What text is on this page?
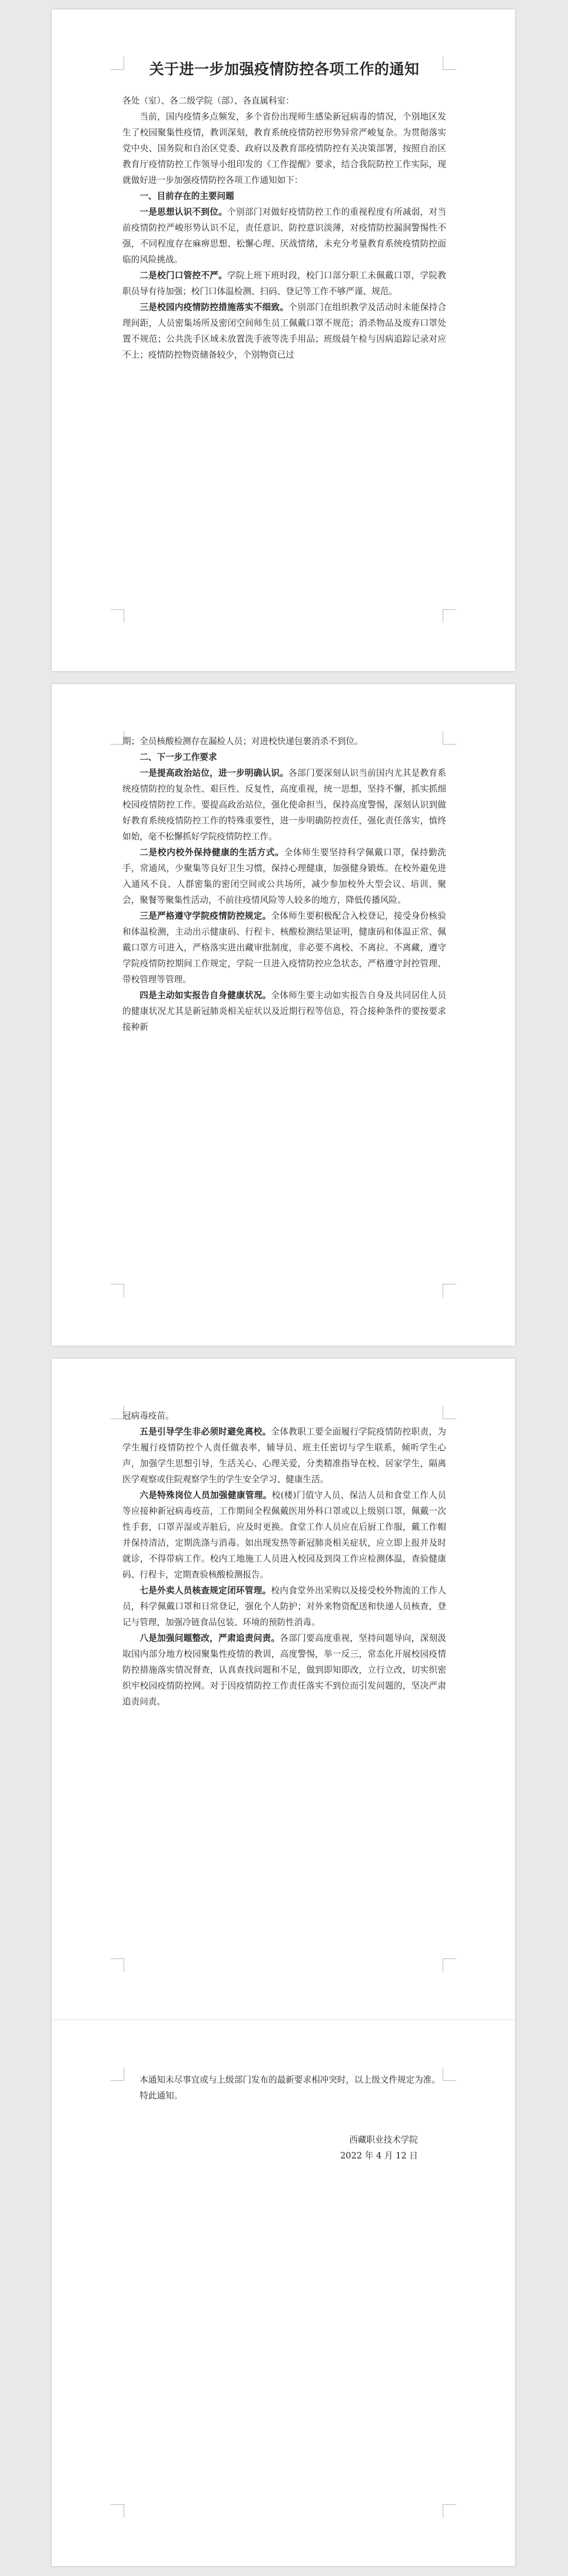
关于进一步加强疫情防控各项工作的通知

各处（室）、各二级学院（部）、各直属科室：

当前，国内疫情多点频发，多个省份出现师生感染新冠病毒的情况，个别地区发生了校园聚集性疫情，教训深刻，教育系统疫情防控形势异常严峻复杂。为贯彻落实党中央、国务院和自治区党委、政府以及教育部疫情防控有关决策部署，按照自治区教育厅疫情防控工作领导小组印发的《工作提醒》要求，结合我院防控工作实际，现就做好进一步加强疫情防控各项工作通知如下：

一、目前存在的主要问题

一是思想认识不到位。个别部门对做好疫情防控工作的重视程度有所减弱，对当前疫情防控严峻形势认识不足，责任意识、防控意识淡薄，对疫情防控漏洞警惕性不强，不同程度存在麻痹思想、松懈心理、厌战情绪，未充分考量教育系统疫情防控面临的风险挑战。

二是校门口管控不严。学院上班下班时段，校门口部分职工未佩戴口罩，学院教职员导有待加强；校门口体温检测、扫码、登记等工作不够严谨、规范。

三是校园内疫情防控措施落实不细致。个别部门在组织教学及活动时未能保持合理间距，人员密集场所及密闭空间师生员工佩戴口罩不规范；消杀物品及废弃口罩处置不规范；公共洗手区域未放置洗手液等洗手用品；班级晨午检与因病追踪记录对应不上；疫情防控物资储备较少，个别物资已过

期；全员核酸检测存在漏检人员；对进校快递包裹消杀不到位。

二、下一步工作要求

一是提高政治站位，进一步明确认识。各部门要深刻认识当前国内尤其是教育系统疫情防控的复杂性、艰巨性、反复性，高度重视，统一思想，坚持不懈，抓实抓细校园疫情防控工作。要提高政治站位，强化使命担当，保持高度警惕，深刻认识到做好教育系统疫情防控工作的特殊重要性，进一步明确防控责任，强化责任落实，慎终如始，毫不松懈抓好学院疫情防控工作。

二是校内校外保持健康的生活方式。全体师生要坚持科学佩戴口罩，保持勤洗手，常通风，少聚集等良好卫生习惯，保持心理健康，加强健身锻炼。在校外避免进入通风不良、人群密集的密闭空间或公共场所，减少参加校外大型会议、培训、聚会，聚餐等聚集性活动，不前往疫情风险等人较多的地方，降低传播风险。

三是严格遵守学院疫情防控规定。全体师生要积极配合入校登记，接受身份核验和体温检测，主动出示健康码、行程卡、核酸检测结果证明，健康码和体温正常、佩戴口罩方可进入，严格落实进出藏审批制度，非必要不离校、不离拉、不离藏，遵守学院疫情防控期间工作规定，学院一旦进入疫情防控应急状态，严格遵守封控管理、带校管理等管理。

四是主动如实报告自身健康状况。全体师生要主动如实报告自身及共同居住人员的健康状况尤其是新冠肺炎相关症状以及近期行程等信息，符合接种条件的要按要求接种新

冠病毒疫苗。

五是引导学生非必须时避免离校。全体教职工要全面履行学院疫情防控职责，为学生履行疫情防控个人责任做表率，辅导员、班主任密切与学生联系，倾听学生心声，加强学生思想引导，生活关心、心理关爱，分类精准指导在校、居家学生，隔离医学观察或住院观察学生的学生安全学习、健康生活。

六是特殊岗位人员加强健康管理。校(楼)门值守人员、保洁人员和食堂工作人员等应接种新冠病毒疫苗，工作期间全程佩戴医用外科口罩或以上级别口罩，佩戴一次性手套，口罩弄湿或弄脏后，应及时更换。食堂工作人员应在后厨工作服，戴工作帽并保持清洁，定期洗涤与消毒。如出现发热等新冠肺炎相关症状，应立即上报并及时就诊，不得带病工作。校内工地施工人员进入校园及到岗工作应检测体温，查验健康码、行程卡，定期查验核酸检测报告。

七是外卖人员核查规定闭环管理。校内食堂外出采购以及接受校外物流的工作人员，科学佩戴口罩和日常登记，强化个人防护；对外来物资配送和快递人员核查，登记与管理，加强冷链食品包装、环境的预防性消毒。

八是加强问题整改，严肃追责问责。各部门要高度重视，坚持问题导向，深刻汲取国内部分地方校园聚集性疫情的教训，高度警惕，举一反三，常态化开展校园疫情防控措施落实情况督查，认真查找问题和不足，做到即知即改，立行立改，切实织密织牢校园疫情防控网。对于因疫情防控工作责任落实不到位而引发问题的，坚决严肃追责问责。

本通知未尽事宜或与上级部门发布的最新要求相冲突时，以上级文件规定为准。

特此通知。

西藏职业技术学院

2022 年 4 月 12 日
